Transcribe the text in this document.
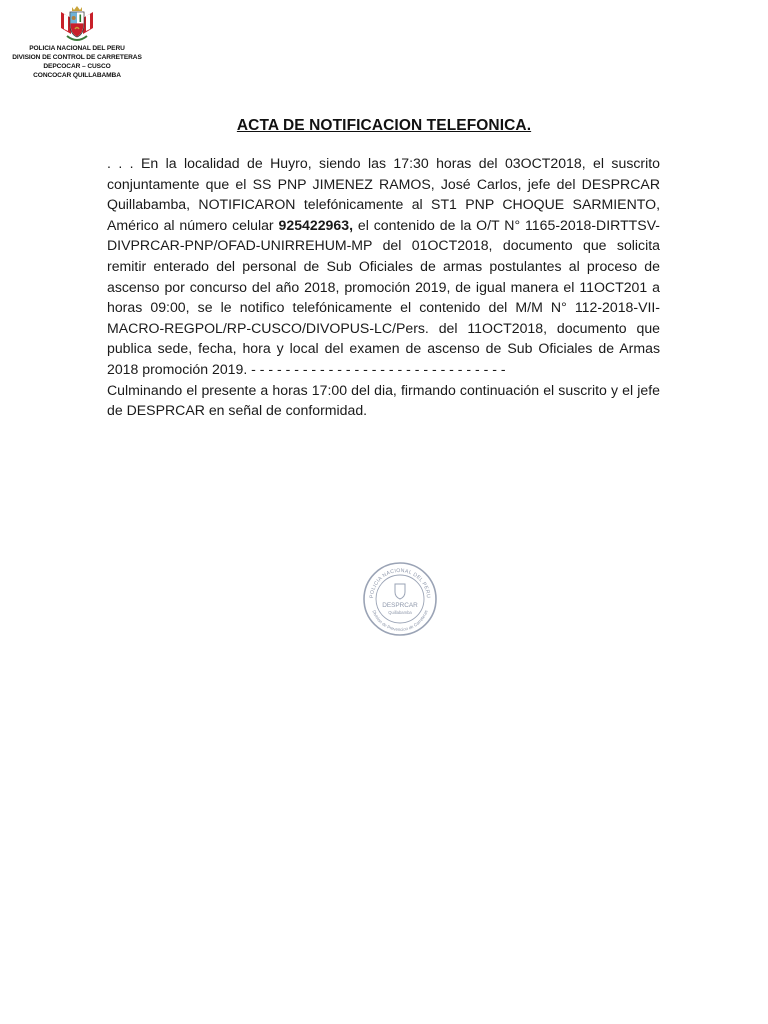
POLICIA NACIONAL DEL PERU
DIVISION DE CONTROL DE CARRETERAS
DEPCOCAR – CUSCO
CONCOCAR QUILLABAMBA
ACTA DE NOTIFICACION TELEFONICA.

. . . En la localidad de Huyro, siendo las 17:30 horas del 03OCT2018, el suscrito conjuntamente que el SS PNP JIMENEZ RAMOS, José Carlos, jefe del DESPRCAR Quillabamba, NOTIFICARON telefónicamente al ST1 PNP CHOQUE SARMIENTO, Américo al número celular 925422963, el contenido de la O/T N° 1165-2018-DIRTTSV-DIVPRCAR-PNP/OFAD-UNIRREHUM-MP del 01OCT2018, documento que solicita remitir enterado del personal de Sub Oficiales de armas postulantes al proceso de ascenso por concurso del año 2018, promoción 2019, de igual manera el 11OCT201 a horas 09:00, se le notifico telefónicamente el contenido del M/M N° 112-2018-VII-MACRO-REGPOL/RP-CUSCO/DIVOPUS-LC/Pers. del 11OCT2018, documento que publica sede, fecha, hora y local del examen de ascenso de Sub Oficiales de Armas 2018 promoción 2019. - - - - - - - - - - - - - - - - - - - - - - - - - - - - - -

Culminando el presente a horas 17:00 del dia, firmando continuación el suscrito y el jefe de DESPRCAR en señal de conformidad.

POLICIA NACIONAL DEL PERU
Division de Prevencion de Carreteras
DESPRCAR
Quillabamba
